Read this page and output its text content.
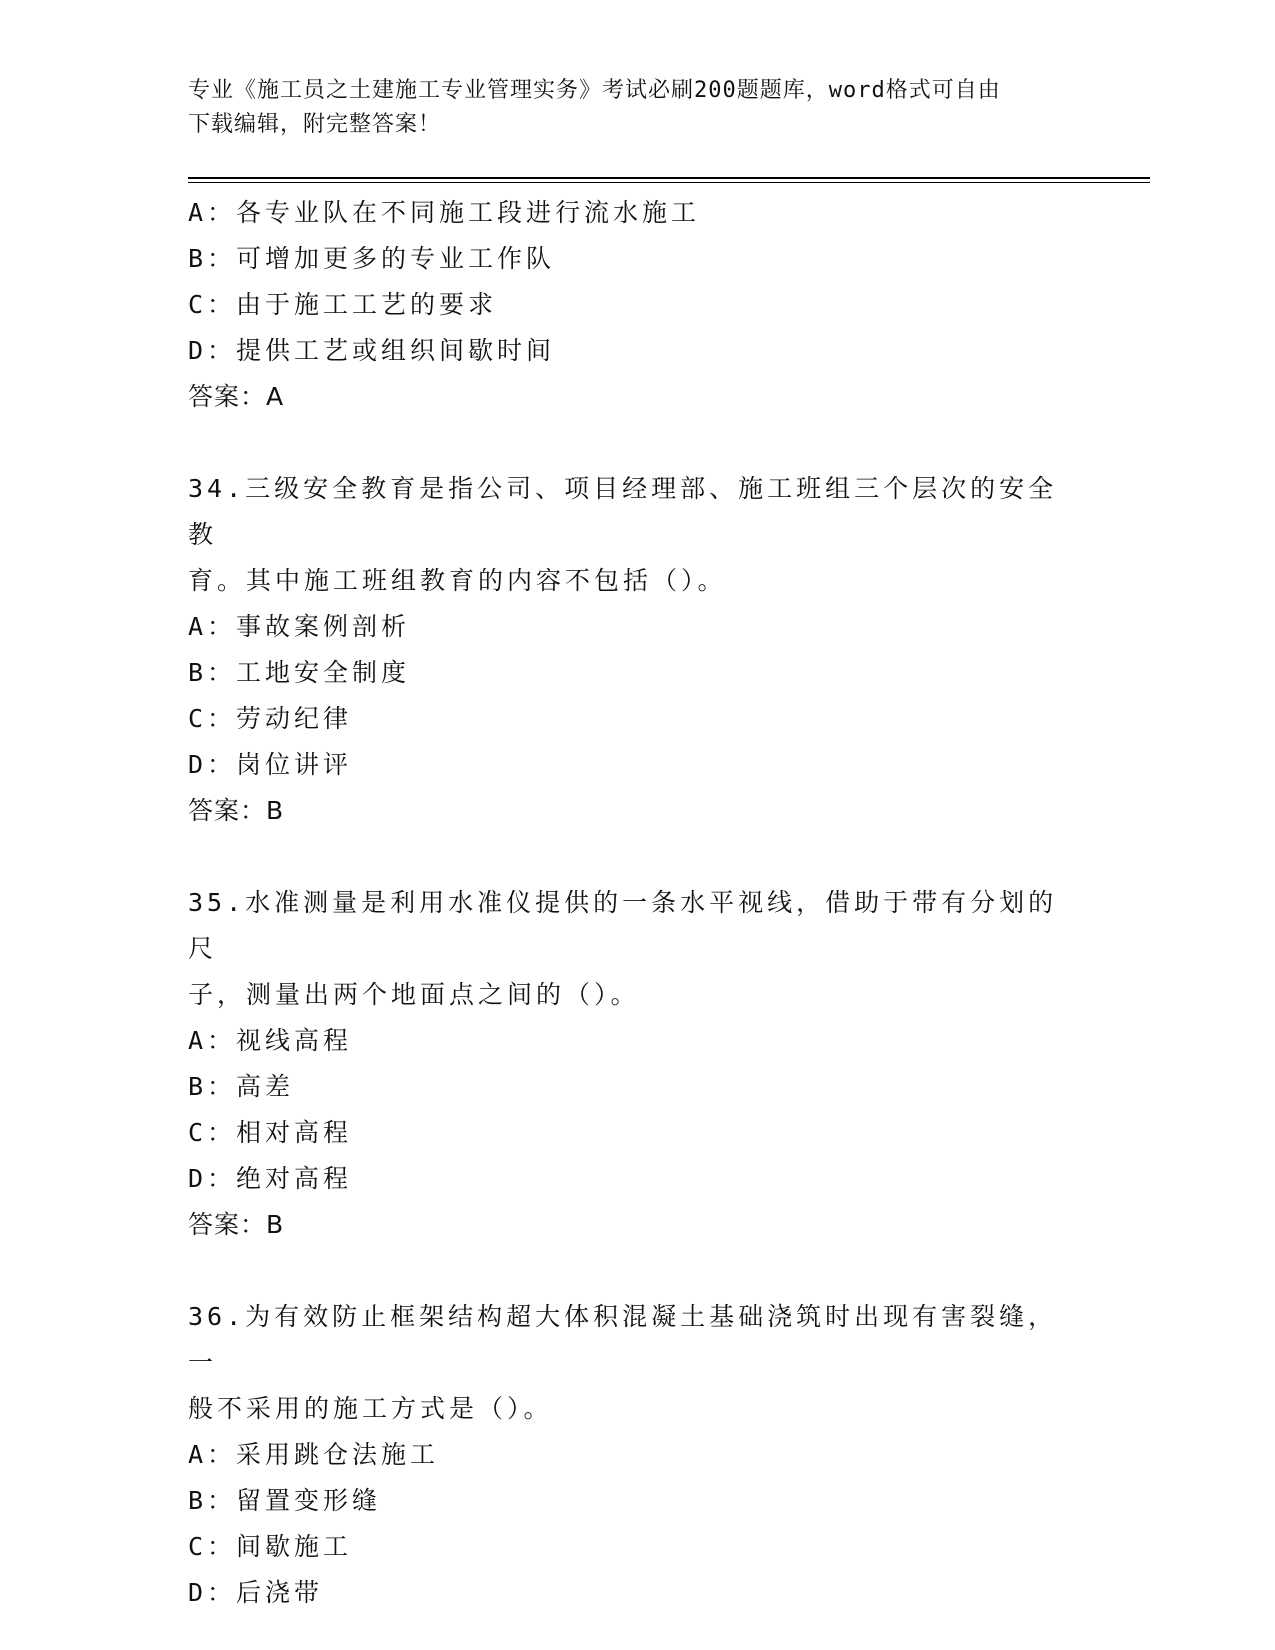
专业《施工员之土建施工专业管理实务》考试必刷200题题库，word格式可自由
下载编辑，附完整答案！
A：各专业队在不同施工段进行流水施工
B：可增加更多的专业工作队
C：由于施工工艺的要求
D：提供工艺或组织间歇时间
答案：A
34.三级安全教育是指公司、项目经理部、施工班组三个层次的安全教
育。其中施工班组教育的内容不包括（）。
A：事故案例剖析
B：工地安全制度
C：劳动纪律
D：岗位讲评
答案：B
35.水准测量是利用水准仪提供的一条水平视线，借助于带有分划的尺
子，测量出两个地面点之间的（）。
A：视线高程
B：高差
C：相对高程
D：绝对高程
答案：B
36.为有效防止框架结构超大体积混凝土基础浇筑时出现有害裂缝，一
般不采用的施工方式是（）。
A：采用跳仓法施工
B：留置变形缝
C：间歇施工
D：后浇带
